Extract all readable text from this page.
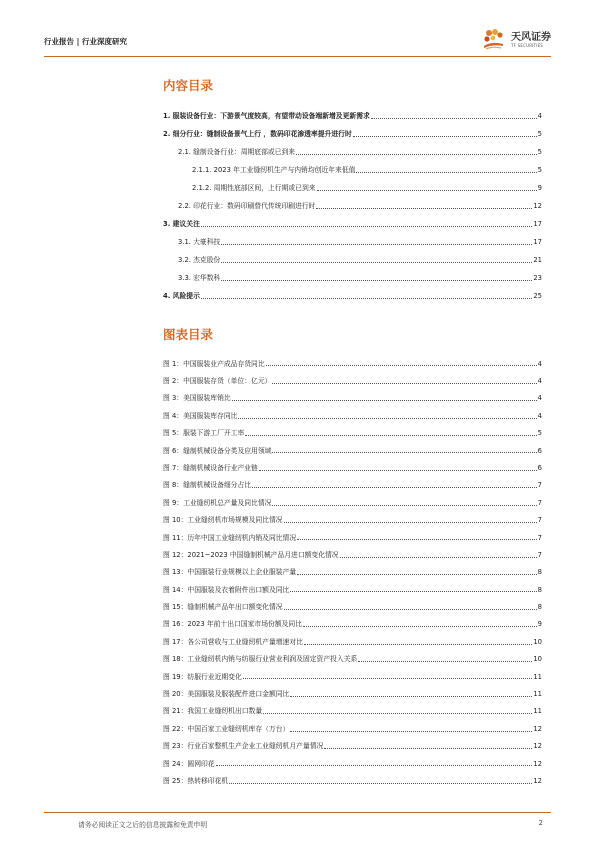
行业报告 | 行业深度研究	天风证券
TF SECURITIES
内容目录
1. 服装设备行业：下游景气度较高，有望带动设备端新增及更新需求	4
2. 细分行业：缝制设备景气上行 ，数码印花渗透率提升进行时	5
2.1. 缝制设备行业：周期底部或已到来	5
2.1.1. 2023 年工业缝纫机生产与内销均创近年来低值	5
2.1.2. 周期性底部区间，上行期或已到来	9
2.2. 印花行业：数码印刷替代传统印刷进行时	12
3. 建议关注	17
3.1. 大豪科技	17
3.2. 杰克股份	21
3.3. 宏华数科	23
4. 风险提示	25
图表目录
图 1：中国服装业产成品存货同比	4
图 2：中国服装存货（单位：亿元）	4
图 3：美国服装库销比	4
图 4：美国服装库存同比	4
图 5：服装下游工厂开工率	5
图 6：缝制机械设备分类及应用领域	6
图 7：缝制机械设备行业产业链	6
图 8：缝制机械设备细分占比	7
图 9：工业缝纫机总产量及同比情况	7
图 10：工业缝纫机市场规模及同比情况	7
图 11：历年中国工业缝纫机内销及同比情况	7
图 12：2021~2023 中国缝制机械产品月进口额变化情况	7
图 13：中国服装行业规模以上企业服装产量	8
图 14：中国服装及衣着附件出口额及同比	8
图 15：缝制机械产品年出口额变化情况	8
图 16：2023 年前十出口国家市场份额及同比	9
图 17：各公司营收与工业缝纫机产量增速对比	10
图 18：工业缝纫机内销与纺服行业营业利润及固定资产投入关系	10
图 19：纺服行业近期变化	11
图 20：美国服装及服装配件进口金额同比	11
图 21：我国工业缝纫机出口数量	11
图 22：中国百家工业缝纫机库存（万台）	12
图 23：行业百家整机生产企业工业缝纫机月产量情况	12
图 24：圆网印花	12
图 25：热转移印花机	12
请务必阅读正文之后的信息披露和免责申明	2
